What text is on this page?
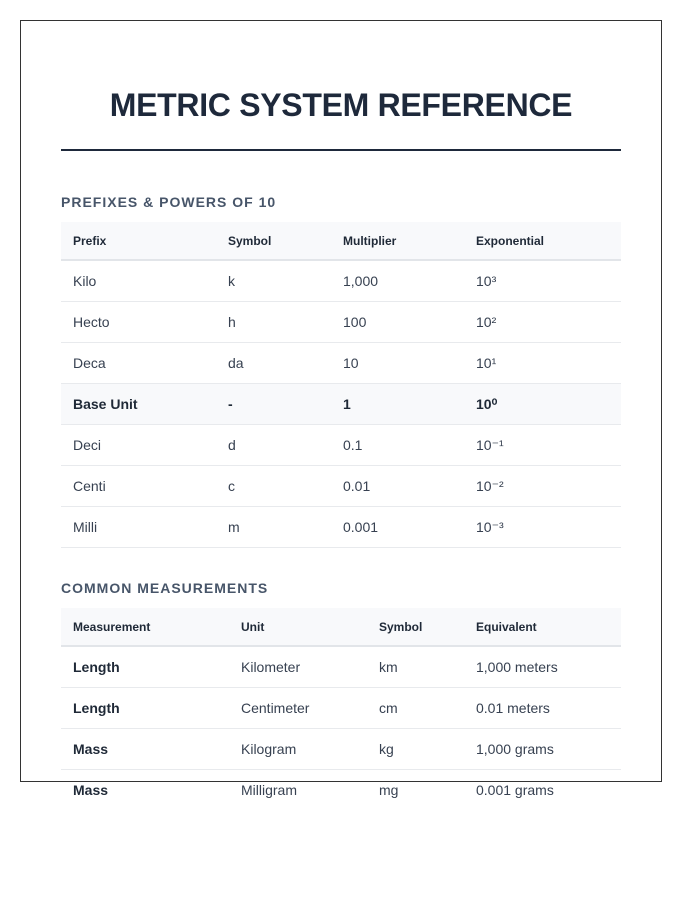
METRIC SYSTEM REFERENCE
PREFIXES & POWERS OF 10
Prefix	Symbol	Multiplier	Exponential
Kilo	k	1,000	10³
Hecto	h	100	10²
Deca	da	10	10¹
Base Unit	-	1	10⁰
Deci	d	0.1	10⁻¹
Centi	c	0.01	10⁻²
Milli	m	0.001	10⁻³
COMMON MEASUREMENTS
Measurement	Unit	Symbol	Equivalent
Length	Kilometer	km	1,000 meters
Length	Centimeter	cm	0.01 meters
Mass	Kilogram	kg	1,000 grams
Mass	Milligram	mg	0.001 grams
